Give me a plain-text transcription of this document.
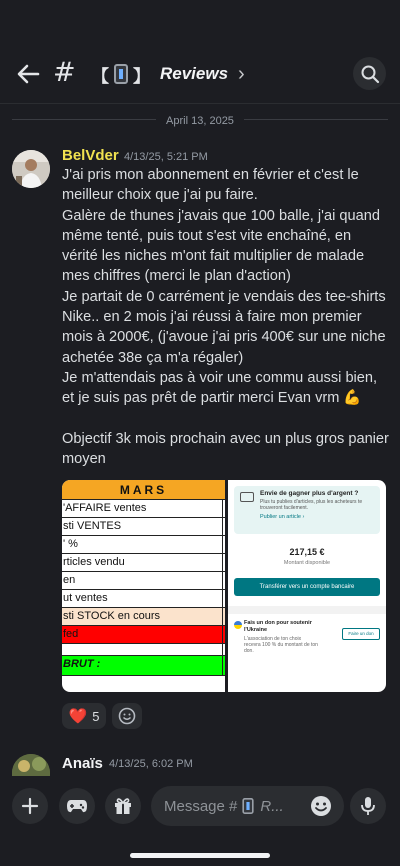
# 【 】 Reviews ›
April 13, 2025
BelVder 4/13/25, 5:21 PM
J'ai pris mon abonnement en février et c'est le meilleur choix que j'ai pu faire.
Galère de thunes j'avais que 100 balle, j'ai quand même tenté, puis tout s'est vite enchaîné, en vérité les niches m'ont fait multiplier de malade mes chiffres (merci le plan d'action)
Je partait de 0 carrément je vendais des tee-shirts Nike.. en 2 mois j'ai réussi à faire mon premier mois à 2000€, (j'avoue j'ai pris 400€ sur une niche achetée 38e ça m'a régaler)
Je m'attendais pas à voir une commu aussi bien, et je suis pas prêt de partir merci Evan vrm 💪

Objectif 3k mois prochain avec un plus gros panier moyen
MARS
'AFFAIRE ventes
sti VENTES
' %
rticles vendu
en
ut ventes
sti STOCK en cours
fed
BRUT :
Envie de gagner plus d'argent ?
Plus tu publies d'articles, plus les acheteurs te trouveront facilement.
Publier un article ›
217,15 €
Montant disponible
Transférer vers un compte bancaire
Fais un don pour soutenir l'Ukraine
L'association de ton choix recevra 100 % du montant de ton don.
Faire un don
❤️ 5
Anaïs 4/13/25, 6:02 PM
Message # R...
